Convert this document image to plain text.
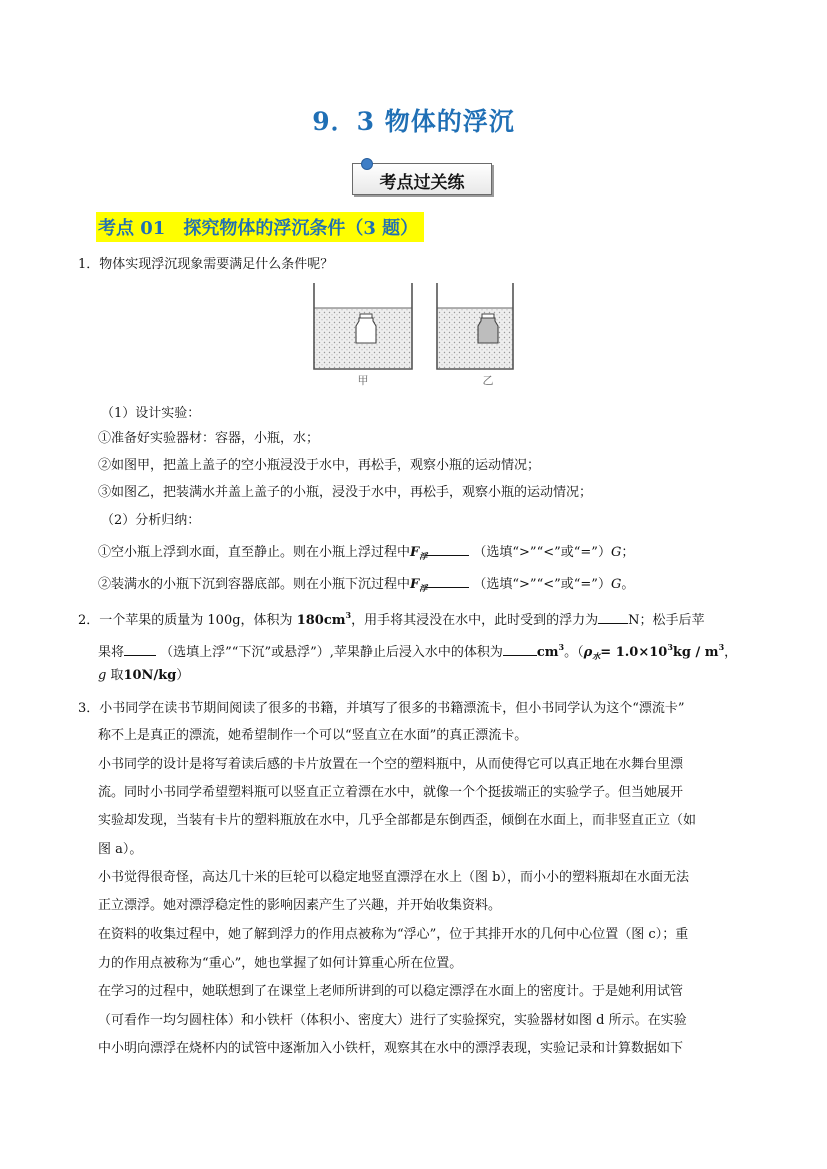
9．3 物体的浮沉
考点过关练
考点 01　探究物体的浮沉条件（3 题）
1．物体实现浮沉现象需要满足什么条件呢？
甲	乙
（1）设计实验：
①准备好实验器材：容器，小瓶，水；
②如图甲，把盖上盖子的空小瓶浸没于水中，再松手，观察小瓶的运动情况；
③如图乙，把装满水并盖上盖子的小瓶，浸没于水中，再松手，观察小瓶的运动情况；
（2）分析归纳：
①空小瓶上浮到水面，直至静止。则在小瓶上浮过程中$F_浮$	（选填“>”“<”或“=”）G；
②装满水的小瓶下沉到容器底部。则在小瓶下沉过程中$F_浮$	（选填“>”“<”或“=”）G。
2．一个苹果的质量为 100g，体积为 $180cm^3$，用手将其浸没在水中，此时受到的浮力为 N；松手后苹
果将	（选填上浮”“下沉”或悬浮”）,苹果静止后浸入水中的体积为	$cm^3$。（$\rho_水= 1.0\times 10^3kg / m^3$，
g 取10N/kg）
3．小书同学在读书节期间阅读了很多的书籍，并填写了很多的书籍漂流卡，但小书同学认为这个“漂流卡”
称不上是真正的漂流，她希望制作一个可以“竖直立在水面”的真正漂流卡。
小书同学的设计是将写着读后感的卡片放置在一个空的塑料瓶中，从而使得它可以真正地在水舞台里漂
流。同时小书同学希望塑料瓶可以竖直正立着漂在水中，就像一个个挺拔端正的实验学子。但当她展开
实验却发现，当装有卡片的塑料瓶放在水中，几乎全部都是东倒西歪，倾倒在水面上，而非竖直正立（如
图 a）。
小书觉得很奇怪，高达几十米的巨轮可以稳定地竖直漂浮在水上（图 b），而小小的塑料瓶却在水面无法
正立漂浮。她对漂浮稳定性的影响因素产生了兴趣，并开始收集资料。
在资料的收集过程中，她了解到浮力的作用点被称为“浮心”，位于其排开水的几何中心位置（图 c）；重
力的作用点被称为“重心”，她也掌握了如何计算重心所在位置。
在学习的过程中，她联想到了在课堂上老师所讲到的可以稳定漂浮在水面上的密度计。于是她利用试管
（可看作一均匀圆柱体）和小铁杆（体积小、密度大）进行了实验探究，实验器材如图 d 所示。在实验
中小明向漂浮在烧杯内的试管中逐渐加入小铁杆，观察其在水中的漂浮表现，实验记录和计算数据如下
